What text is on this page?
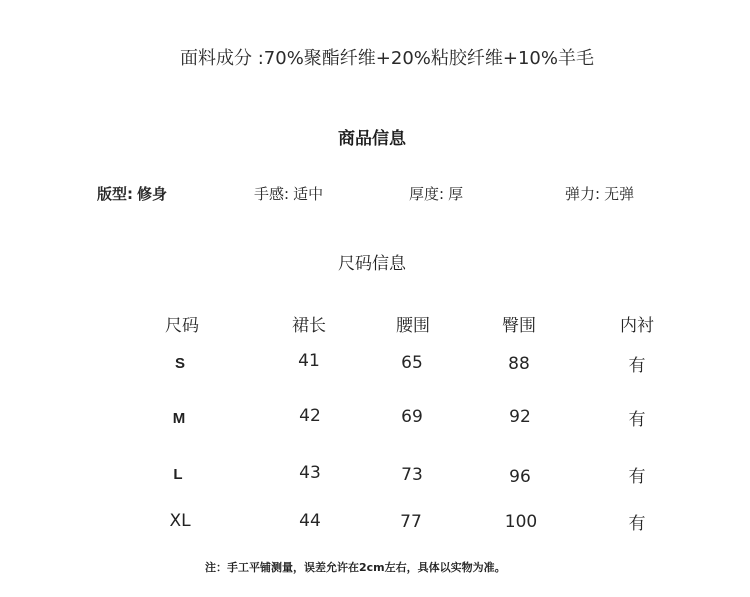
面料成分 :70%聚酯纤维+20%粘胶纤维+10%羊毛
商品信息
版型: 修身	手感: 适中	厚度: 厚	弹力: 无弹
尺码信息
尺码	裙长	腰围	臀围	内衬
S	41	65	88	有
M	42	69	92	有
L	43	73	96	有
XL	44	77	100	有
注：手工平铺测量，误差允许在2cm左右，具体以实物为准。
